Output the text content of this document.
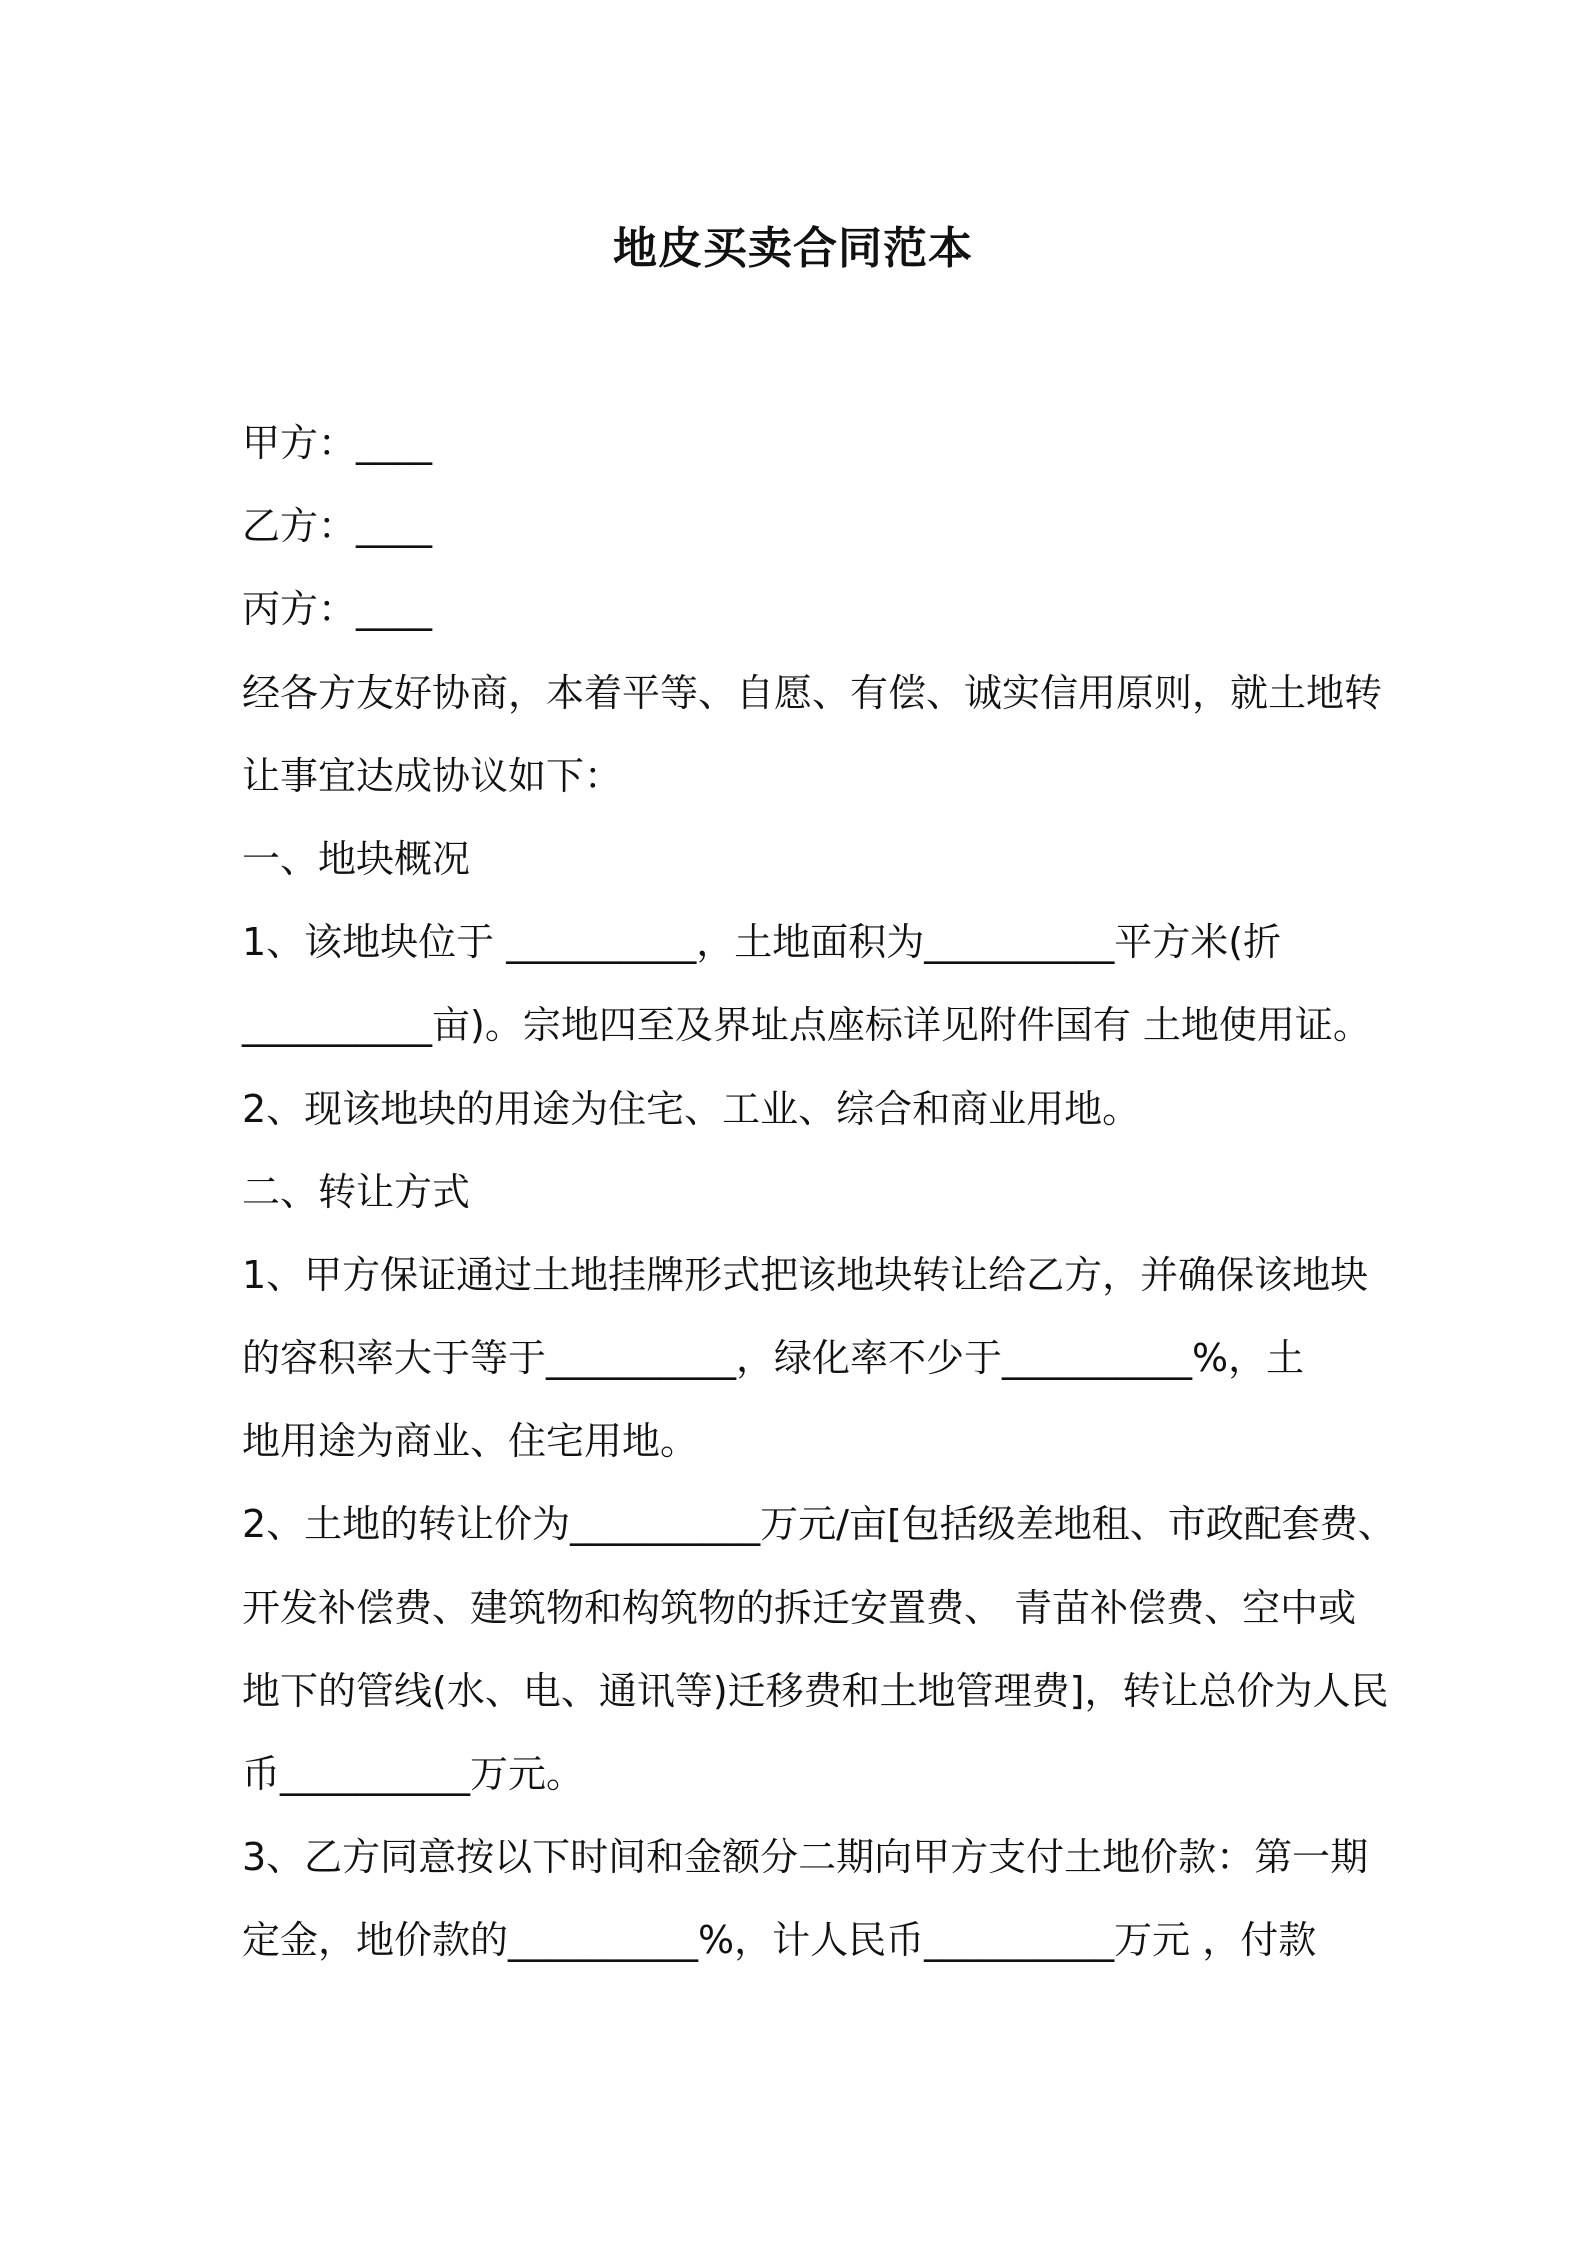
地皮买卖合同范本
甲方：____
乙方：____
丙方：____
经各方友好协商，本着平等、自愿、有偿、诚实信用原则，就土地转
让事宜达成协议如下：
一、地块概况
1、该地块位于 __________，土地面积为__________平方米(折
__________亩)。宗地四至及界址点座标详见附件国有 土地使用证。
2、现该地块的用途为住宅、工业、综合和商业用地。
二、转让方式
1、甲方保证通过土地挂牌形式把该地块转让给乙方，并确保该地块
的容积率大于等于__________，绿化率不少于__________%，土
地用途为商业、住宅用地。
2、土地的转让价为__________万元/亩[包括级差地租、市政配套费、
开发补偿费、建筑物和构筑物的拆迁安置费、 青苗补偿费、空中或
地下的管线(水、电、通讯等)迁移费和土地管理费]，转让总价为人民
币__________万元。
3、乙方同意按以下时间和金额分二期向甲方支付土地价款：第一期
定金，地价款的__________%，计人民币__________万元 ，付款
